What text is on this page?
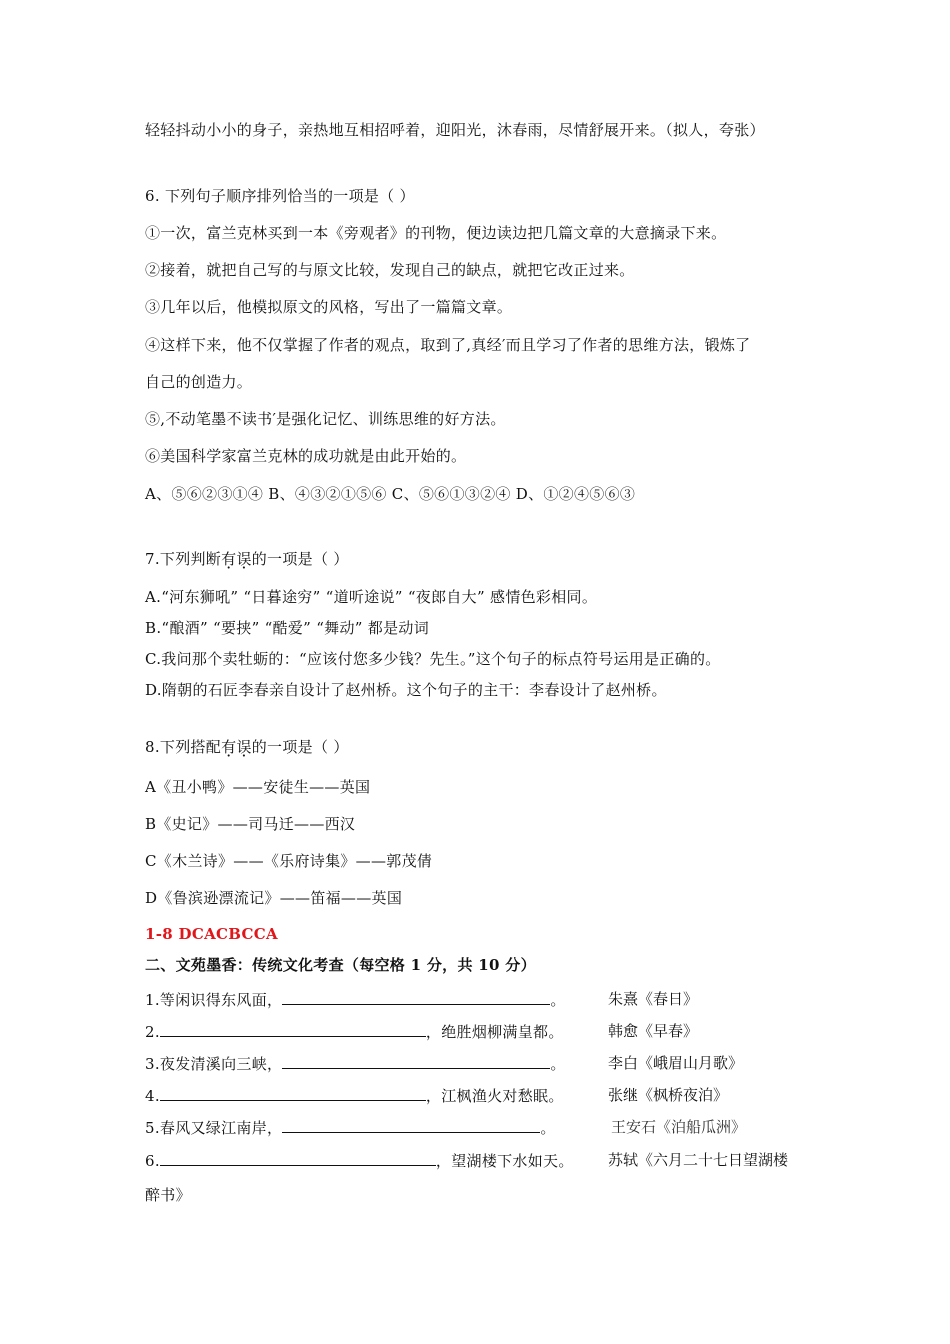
轻轻抖动小小的身子，亲热地互相招呼着，迎阳光，沐春雨，尽情舒展开来。（拟人，夸张）
6. 下列句子顺序排列恰当的一项是（ ）
①一次，富兰克林买到一本《旁观者》的刊物，便边读边把几篇文章的大意摘录下来。
②接着，就把自己写的与原文比较，发现自己的缺点，就把它改正过来。
③几年以后，他模拟原文的风格，写出了一篇篇文章。
④这样下来，他不仅掌握了作者的观点，取到了,真经′而且学习了作者的思维方法，锻炼了
自己的创造力。
⑤,不动笔墨不读书′是强化记忆、训练思维的好方法。
⑥美国科学家富兰克林的成功就是由此开始的。
A、⑤⑥②③①④ B、④③②①⑤⑥ C、⑤⑥①③②④ D、①②④⑤⑥③
7.下列判断有误的一项是（ ）
A.“河东狮吼” “日暮途穷” “道听途说” “夜郎自大” 感情色彩相同。
B.“酿酒” “要挟” “酷爱” “舞动” 都是动词
C.我问那个卖牡蛎的：“应该付您多少钱？先生。”这个句子的标点符号运用是正确的。
D.隋朝的石匠李春亲自设计了赵州桥。这个句子的主干：李春设计了赵州桥。
8.下列搭配有误的一项是（ ）
A《丑小鸭》——安徒生——英国
B《史记》——司马迁——西汉
C《木兰诗》——《乐府诗集》——郭茂倩
D《鲁滨逊漂流记》——笛福——英国
1-8 DCACBCCA
二、文苑墨香：传统文化考查（每空格 1 分，共 10 分）
1.等闲识得东风面，	。	朱熹《春日》
2.	，绝胜烟柳满皇都。	韩愈《早春》
3.夜发清溪向三峡，	。	李白《峨眉山月歌》
4.	，江枫渔火对愁眠。	张继《枫桥夜泊》
5.春风又绿江南岸，	。	王安石《泊船瓜洲》
6.	，望湖楼下水如天。 苏轼《六月二十七日望湖楼
醉书》
